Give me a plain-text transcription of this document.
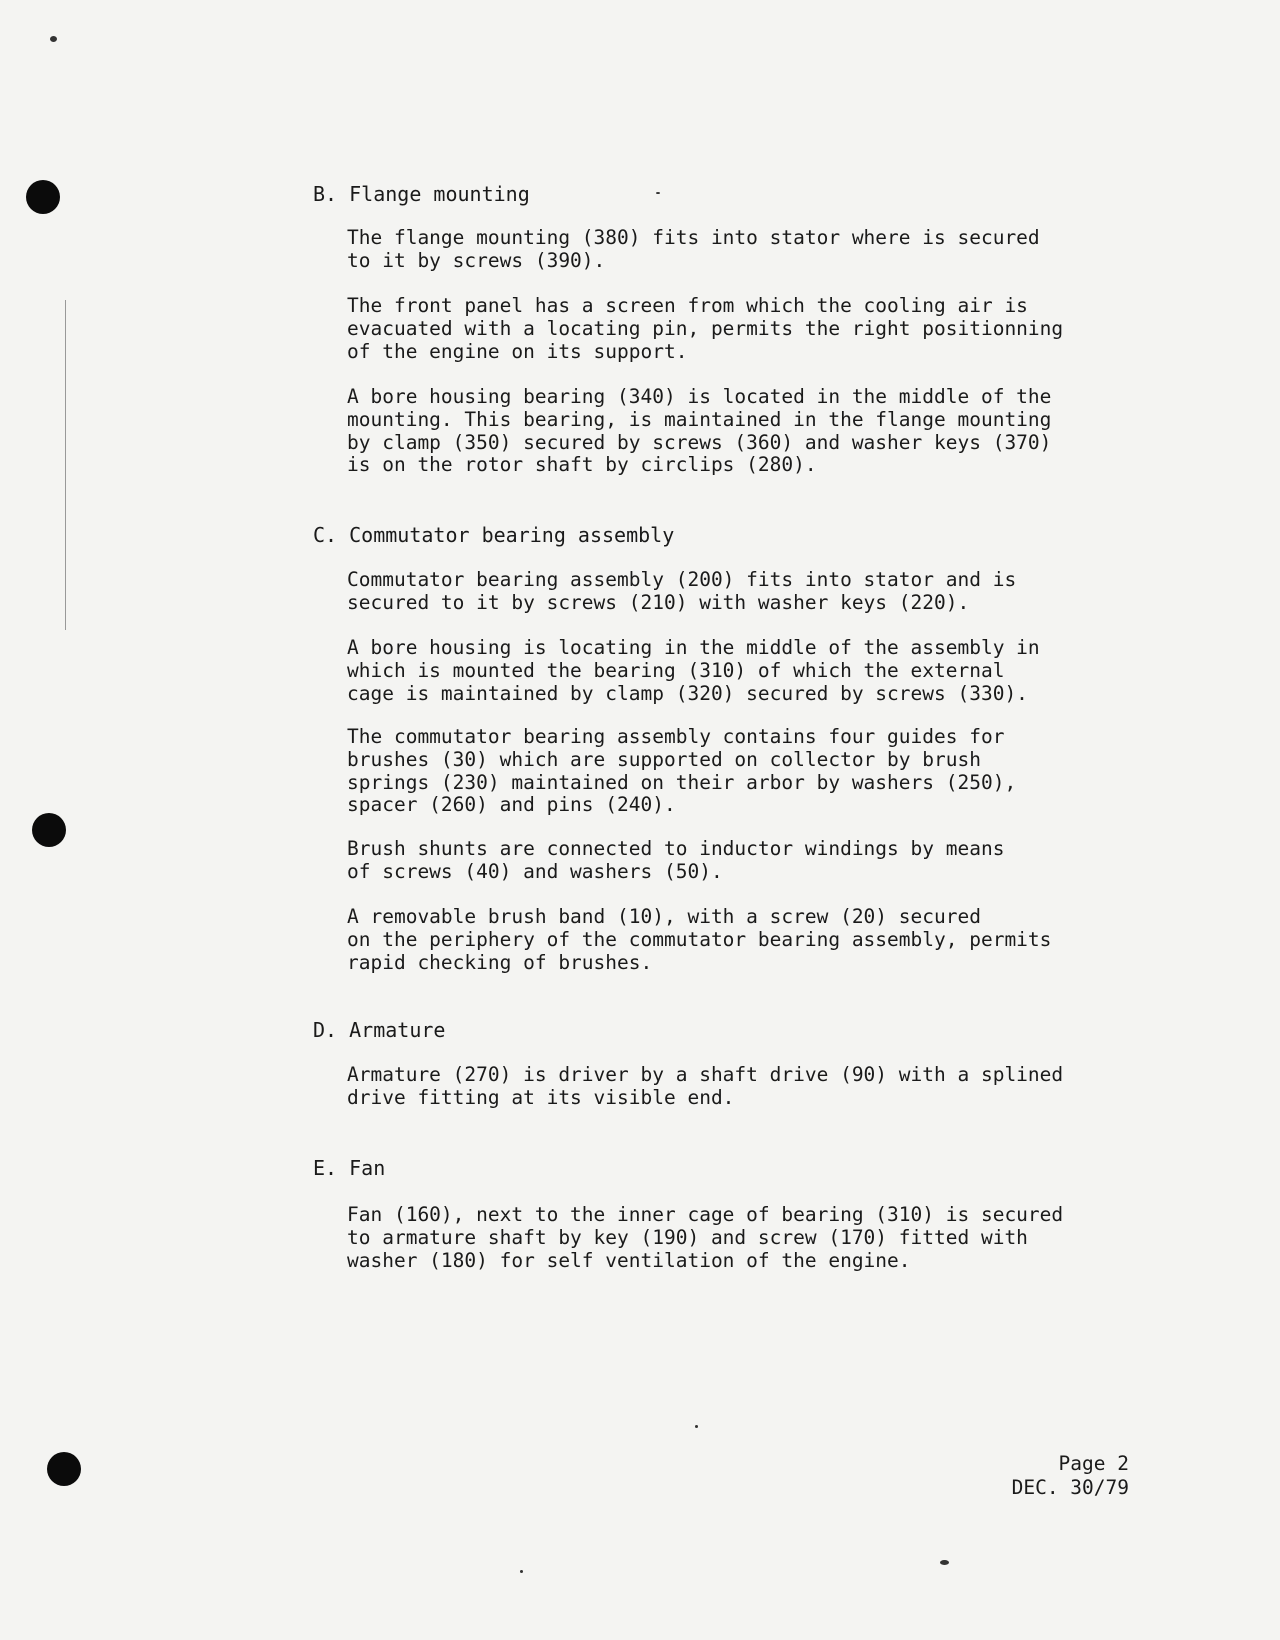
B. Flange mounting

The flange mounting (380) fits into stator where is secured
to it by screws (390).

The front panel has a screen from which the cooling air is
evacuated with a locating pin, permits the right positionning
of the engine on its support.

A bore housing bearing (340) is located in the middle of the
mounting. This bearing, is maintained in the flange mounting
by clamp (350) secured by screws (360) and washer keys (370)
is on the rotor shaft by circlips (280).

C. Commutator bearing assembly

Commutator bearing assembly (200) fits into stator and is
secured to it by screws (210) with washer keys (220).

A bore housing is locating in the middle of the assembly in
which is mounted the bearing (310) of which the external
cage is maintained by clamp (320) secured by screws (330).

The commutator bearing assembly contains four guides for
brushes (30) which are supported on collector by brush
springs (230) maintained on their arbor by washers (250),
spacer (260) and pins (240).

Brush shunts are connected to inductor windings by means
of screws (40) and washers (50).

A removable brush band (10), with a screw (20) secured
on the periphery of the commutator bearing assembly, permits
rapid checking of brushes.

D. Armature

Armature (270) is driver by a shaft drive (90) with a splined
drive fitting at its visible end.

E. Fan

Fan (160), next to the inner cage of bearing (310) is secured
to armature shaft by key (190) and screw (170) fitted with
washer (180) for self ventilation of the engine.

Page 2
DEC. 30/79
